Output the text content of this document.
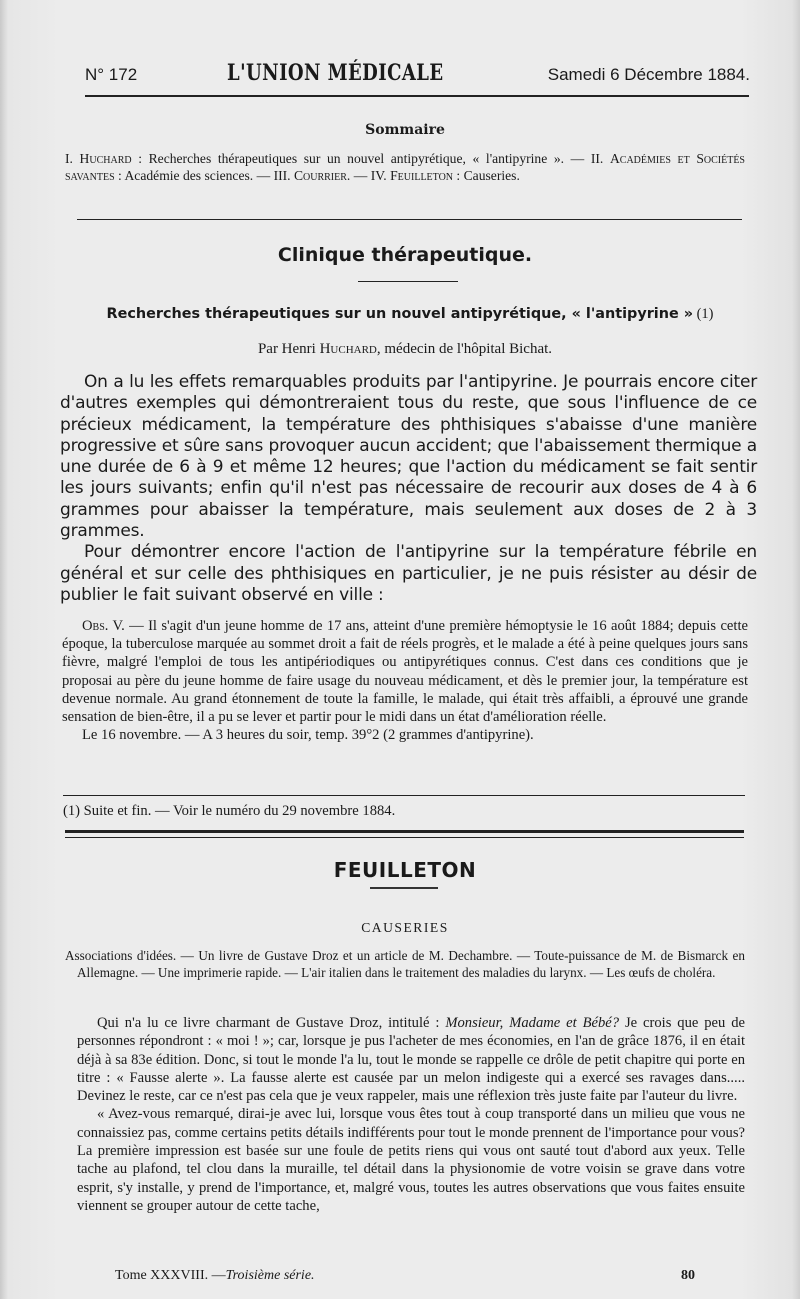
N° 172	L'UNION MÉDICALE	Samedi 6 Décembre 1884.
Sommaire
I. Huchard : Recherches thérapeutiques sur un nouvel antipyrétique, « l'antipyrine ». — II. Académies et Sociétés savantes : Académie des sciences. — III. Courrier. — IV. Feuilleton : Causeries.
Clinique thérapeutique.
Recherches thérapeutiques sur un nouvel antipyrétique, « l'antipyrine » (1)
Par Henri Huchard, médecin de l'hôpital Bichat.

On a lu les effets remarquables produits par l'antipyrine. Je pourrais encore citer d'autres exemples qui démontreraient tous du reste, que sous l'influence de ce précieux médicament, la température des phthisiques s'abaisse d'une manière progressive et sûre sans provoquer aucun accident; que l'abaissement thermique a une durée de 6 à 9 et même 12 heures; que l'action du médicament se fait sentir les jours suivants; enfin qu'il n'est pas nécessaire de recourir aux doses de 4 à 6 grammes pour abaisser la température, mais seulement aux doses de 2 à 3 grammes.

Pour démontrer encore l'action de l'antipyrine sur la température fébrile en général et sur celle des phthisiques en particulier, je ne puis résister au désir de publier le fait suivant observé en ville :

Obs. V. — Il s'agit d'un jeune homme de 17 ans, atteint d'une première hémoptysie le 16 août 1884; depuis cette époque, la tuberculose marquée au sommet droit a fait de réels progrès, et le malade a été à peine quelques jours sans fièvre, malgré l'emploi de tous les antipériodiques ou antipyrétiques connus. C'est dans ces conditions que je proposai au père du jeune homme de faire usage du nouveau médicament, et dès le premier jour, la température est devenue normale. Au grand étonnement de toute la famille, le malade, qui était très affaibli, a éprouvé une grande sensation de bien-être, il a pu se lever et partir pour le midi dans un état d'amélioration réelle.

Le 16 novembre. — A 3 heures du soir, temp. 39°2 (2 grammes d'antipyrine).

(1) Suite et fin. — Voir le numéro du 29 novembre 1884.
FEUILLETON
CAUSERIES
Associations d'idées. — Un livre de Gustave Droz et un article de M. Dechambre. — Toute-puissance de M. de Bismarck en Allemagne. — Une imprimerie rapide. — L'air italien dans le traitement des maladies du larynx. — Les œufs de choléra.

Qui n'a lu ce livre charmant de Gustave Droz, intitulé : Monsieur, Madame et Bébé? Je crois que peu de personnes répondront : « moi ! »; car, lorsque je pus l'acheter de mes économies, en l'an de grâce 1876, il en était déjà à sa 83e édition. Donc, si tout le monde l'a lu, tout le monde se rappelle ce drôle de petit chapitre qui porte en titre : « Fausse alerte ». La fausse alerte est causée par un melon indigeste qui a exercé ses ravages dans..... Devinez le reste, car ce n'est pas cela que je veux rappeler, mais une réflexion très juste faite par l'auteur du livre.

« Avez-vous remarqué, dirai-je avec lui, lorsque vous êtes tout à coup transporté dans un milieu que vous ne connaissiez pas, comme certains petits détails indifférents pour tout le monde prennent de l'importance pour vous? La première impression est basée sur une foule de petits riens qui vous ont sauté tout d'abord aux yeux. Telle tache au plafond, tel clou dans la muraille, tel détail dans la physionomie de votre voisin se grave dans votre esprit, s'y installe, y prend de l'importance, et, malgré vous, toutes les autres observations que vous faites ensuite viennent se grouper autour de cette tache,

Tome XXXVIII. — Troisième série.	80
